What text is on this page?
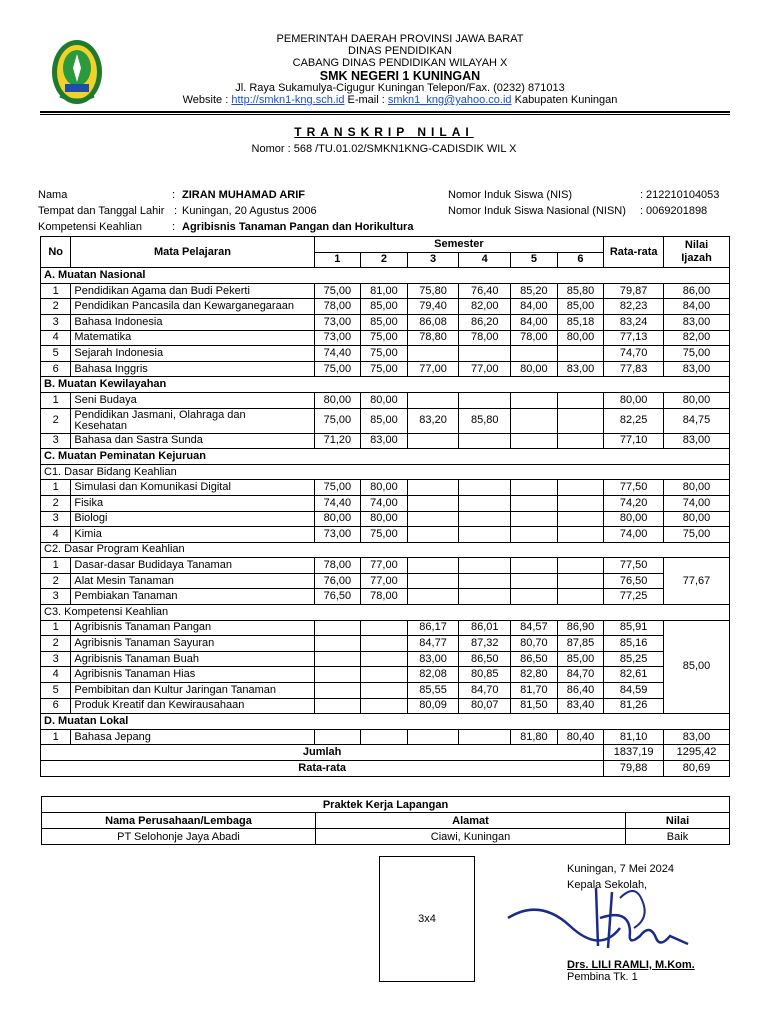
PEMERINTAH DAERAH PROVINSI JAWA BARAT
DINAS PENDIDIKAN
CABANG DINAS PENDIDIKAN WILAYAH X
SMK NEGERI 1 KUNINGAN
Jl. Raya Sukamulya-Cigugur Kuningan Telepon/Fax. (0232) 871013
Website : http://smkn1-kng.sch.id E-mail : smkn1_kng@yahoo.co.id Kabupaten Kuningan
TRANSKRIP NILAI
Nomor : 568 /TU.01.02/SMKN1KNG-CADISDIK WIL X
Nama	: ZIRAN MUHAMAD ARIF
Tempat dan Tanggal Lahir : Kuningan, 20 Agustus 2006
Kompetensi Keahlian	: Agribisnis Tanaman Pangan dan Horikultura
Nomor Induk Siswa (NIS)	: 212210104053
Nomor Induk Siswa Nasional (NISN) : 0069201898
No	Mata Pelajaran	Semester						Rata-rata	Nilai
Ijazah
		1	2	3	4	5	6		
A. Muatan Nasional									
1	Pendidikan Agama dan Budi Pekerti	75,00	81,00	75,80	76,40	85,20	85,80	79,87	86,00
2	Pendidikan Pancasila dan Kewarganegaraan	78,00	85,00	79,40	82,00	84,00	85,00	82,23	84,00
3	Bahasa Indonesia	73,00	85,00	86,08	86,20	84,00	85,18	83,24	83,00
4	Matematika	73,00	75,00	78,80	78,00	78,00	80,00	77,13	82,00
5	Sejarah Indonesia	74,40	75,00					74,70	75,00
6	Bahasa Inggris	75,00	75,00	77,00	77,00	80,00	83,00	77,83	83,00
B. Muatan Kewilayahan									
1	Seni Budaya	80,00	80,00					80,00	80,00
2	Pendidikan Jasmani, Olahraga dan
Kesehatan	75,00	85,00	83,20	85,80			82,25	84,75
3	Bahasa dan Sastra Sunda	71,20	83,00					77,10	83,00
C. Muatan Peminatan Kejuruan									
C1. Dasar Bidang Keahlian									
1	Simulasi dan Komunikasi Digital	75,00	80,00					77,50	80,00
2	Fisika	74,40	74,00					74,20	74,00
3	Biologi	80,00	80,00					80,00	80,00
4	Kimia	73,00	75,00					74,00	75,00
C2. Dasar Program Keahlian									
1	Dasar-dasar Budidaya Tanaman	78,00	77,00					77,50	77,67
2	Alat Mesin Tanaman	76,00	77,00					76,50	
3	Pembiakan Tanaman	76,50	78,00					77,25	
C3. Kompetensi Keahlian									
1	Agribisnis Tanaman Pangan			86,17	86,01	84,57	86,90	85,91	85,00
2	Agribisnis Tanaman Sayuran			84,77	87,32	80,70	87,85	85,16	
3	Agribisnis Tanaman Buah			83,00	86,50	86,50	85,00	85,25	
4	Agribisnis Tanaman Hias			82,08	80,85	82,80	84,70	82,61	
5	Pembibitan dan Kultur Jaringan Tanaman			85,55	84,70	81,70	86,40	84,59	
6	Produk Kreatif dan Kewirausahaan			80,09	80,07	81,50	83,40	81,26	
D. Muatan Lokal									
1	Bahasa Jepang					81,80	80,40	81,10	83,00
Jumlah								1837,19	1295,42
Rata-rata								79,88	80,69
Praktek Kerja Lapangan		
Nama Perusahaan/Lembaga	Alamat	Nilai
PT Selohonje Jaya Abadi	Ciawi, Kuningan	Baik
3x4
Kuningan, 7 Mei 2024
Kepala Sekolah,
Drs. LILI RAMLI, M.Kom.
Pembina Tk. 1
